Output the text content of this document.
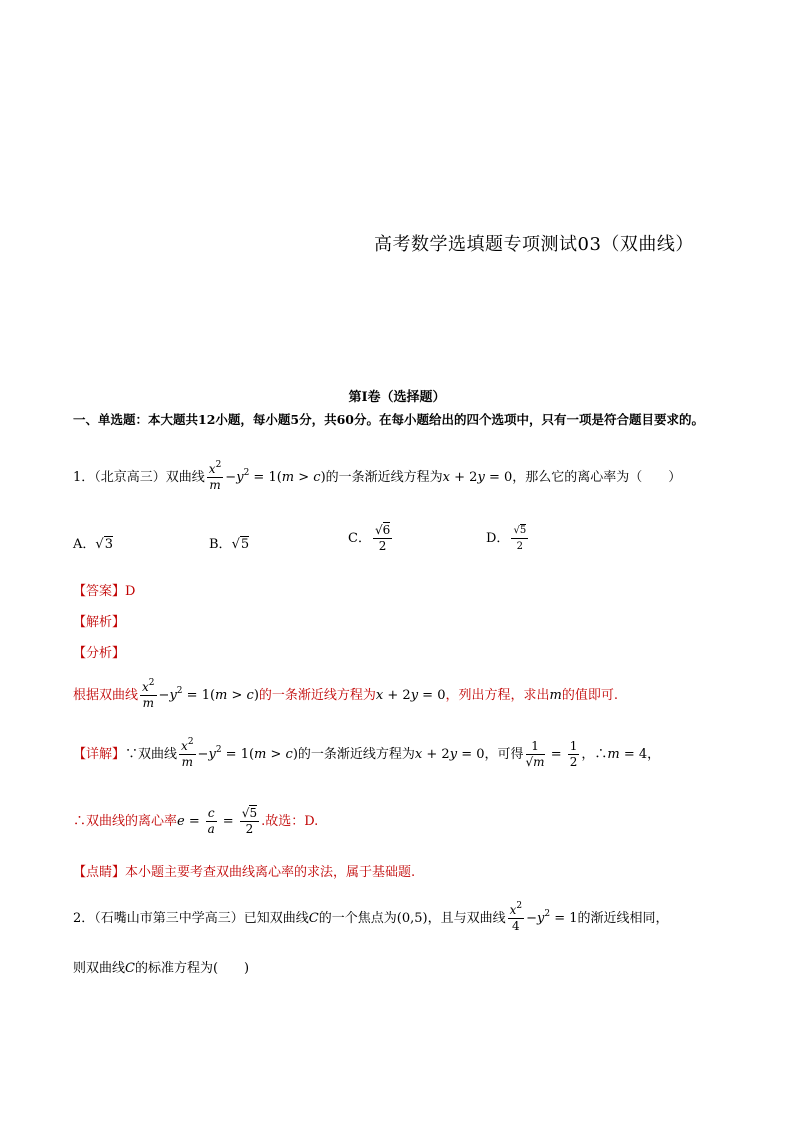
高考数学选填题专项测试03（双曲线）
第Ⅰ卷（选择题）
一、单选题：本大题共12小题，每小题5分，共60分。在每小题给出的四个选项中，只有一项是符合题目要求的。
1．（北京高三）双曲线 $\frac{x^2}{m} -y^2 = 1(m > c)$的一条渐近线方程为x + 2y = 0，那么它的离心率为（　　）
A．√3	B．√5	C． $\frac{√6}{2}$	D． $\frac{√5}{2}$
【答案】D
【解析】
【分析】
根据双曲线 $\frac{x^2}{m} -y^2 = 1(m > c)$的一条渐近线方程为x + 2y = 0，列出方程，求出m的值即可.
【详解】∵双曲线 $\frac{x^2}{m} -y^2 = 1(m > c)$的一条渐近线方程为x + 2y = 0，可得 $\frac{1}{√m} = \frac{1}{2}$ ，∴m = 4，
∴双曲线的离心率$e = \frac{c}{a} = \frac{√5}{2}$ .故选：D.
【点睛】本小题主要考查双曲线离心率的求法，属于基础题.
2．（石嘴山市第三中学高三）已知双曲线C的一个焦点为(0,5)，且与双曲线 $\frac{x^2}{4} -y^2 = 1$的渐近线相同，
则双曲线C的标准方程为(　　)
